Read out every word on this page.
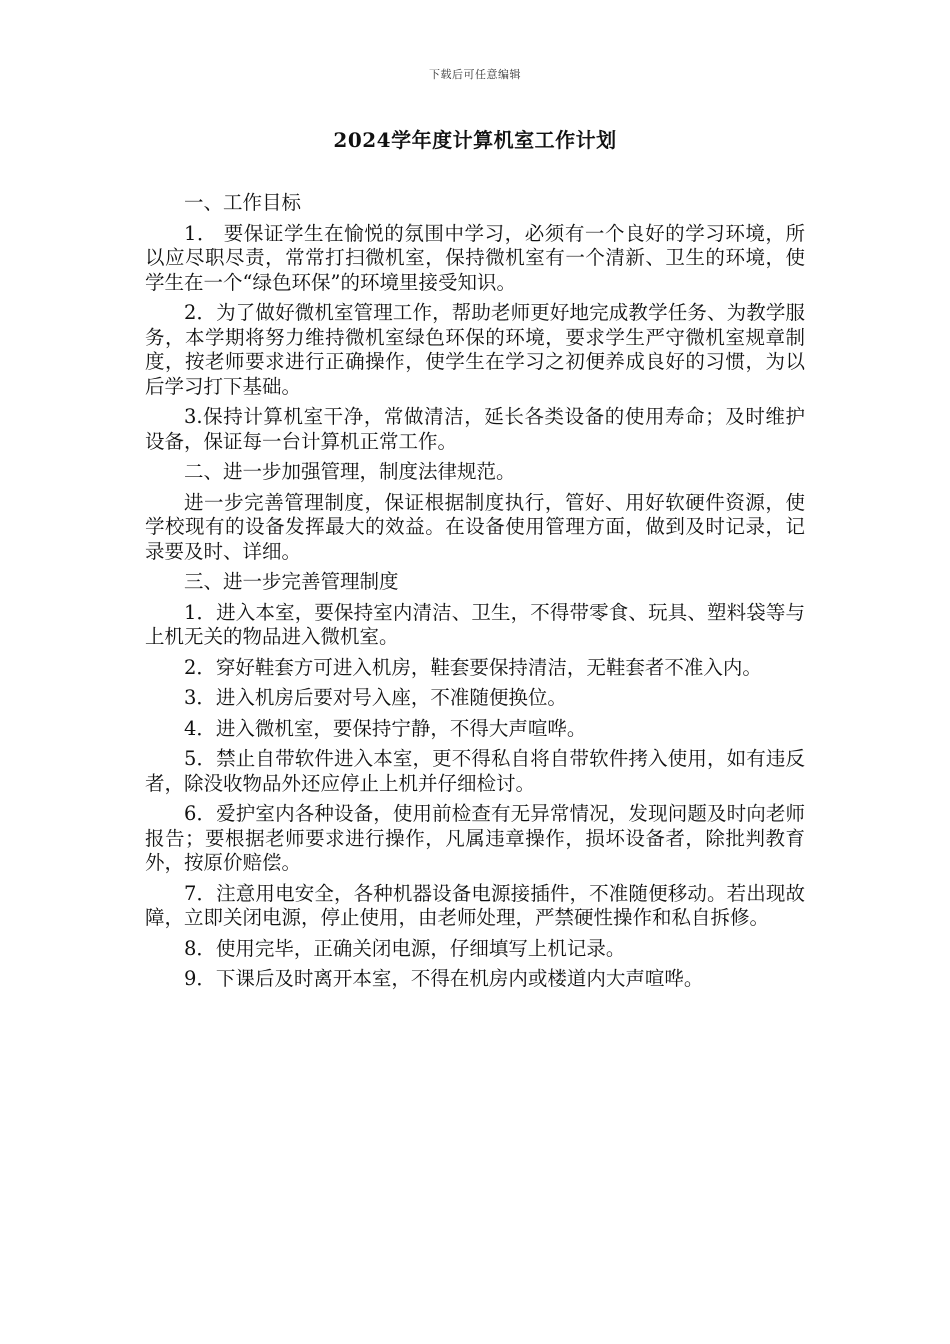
下载后可任意编辑
2024学年度计算机室工作计划

一、工作目标

1． 要保证学生在愉悦的氛围中学习，必须有一个良好的学习环境，所以应尽职尽责，常常打扫微机室，保持微机室有一个清新、卫生的环境，使学生在一个“绿色环保”的环境里接受知识。

2．为了做好微机室管理工作，帮助老师更好地完成教学任务、为教学服务，本学期将努力维持微机室绿色环保的环境，要求学生严守微机室规章制度，按老师要求进行正确操作，使学生在学习之初便养成良好的习惯，为以后学习打下基础。

3.保持计算机室干净，常做清洁，延长各类设备的使用寿命；及时维护设备，保证每一台计算机正常工作。

二、进一步加强管理，制度法律规范。

进一步完善管理制度，保证根据制度执行，管好、用好软硬件资源，使学校现有的设备发挥最大的效益。在设备使用管理方面，做到及时记录，记录要及时、详细。

三、进一步完善管理制度

1．进入本室，要保持室内清洁、卫生，不得带零食、玩具、塑料袋等与上机无关的物品进入微机室。

2．穿好鞋套方可进入机房，鞋套要保持清洁，无鞋套者不准入内。

3．进入机房后要对号入座，不准随便换位。

4．进入微机室，要保持宁静，不得大声喧哗。

5．禁止自带软件进入本室，更不得私自将自带软件拷入使用，如有违反者，除没收物品外还应停止上机并仔细检讨。

6．爱护室内各种设备，使用前检查有无异常情况，发现问题及时向老师报告；要根据老师要求进行操作，凡属违章操作，损坏设备者，除批判教育外，按原价赔偿。

7．注意用电安全，各种机器设备电源接插件，不准随便移动。若出现故障，立即关闭电源，停止使用，由老师处理，严禁硬性操作和私自拆修。

8．使用完毕，正确关闭电源，仔细填写上机记录。

9．下课后及时离开本室，不得在机房内或楼道内大声喧哗。
